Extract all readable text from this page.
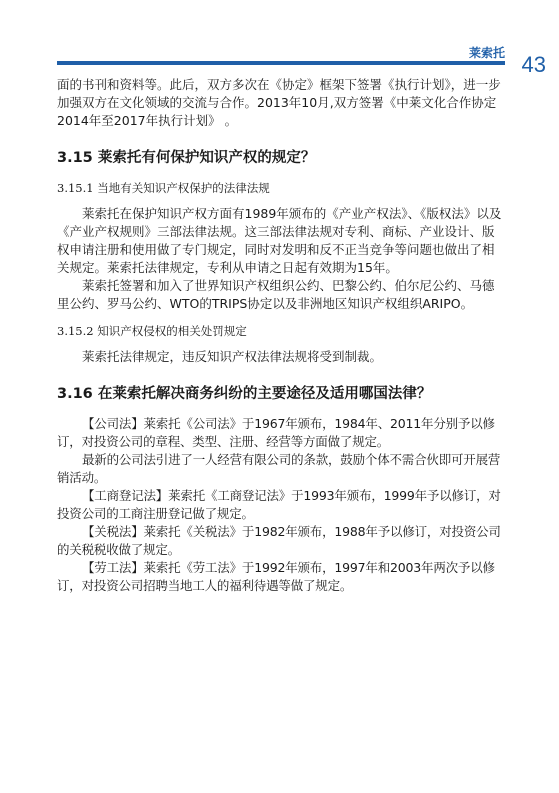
莱索托 43

面的书刊和资料等。此后，双方多次在《协定》框架下签署《执行计划》，进一步加强双方在文化领域的交流与合作。2013年10月,双方签署《中莱文化合作协定2014年至2017年执行计划》 。

3.15 莱索托有何保护知识产权的规定？
3.15.1 当地有关知识产权保护的法律法规

莱索托在保护知识产权方面有1989年颁布的《产业产权法》、《版权法》以及《产业产权规则》三部法律法规。这三部法律法规对专利、商标、产业设计、版权申请注册和使用做了专门规定，同时对发明和反不正当竞争等问题也做出了相关规定。莱索托法律规定，专利从申请之日起有效期为15年。

莱索托签署和加入了世界知识产权组织公约、巴黎公约、伯尔尼公约、马德里公约、罗马公约、WTO的TRIPS协定以及非洲地区知识产权组织ARIPO。

3.15.2 知识产权侵权的相关处罚规定

莱索托法律规定，违反知识产权法律法规将受到制裁。

3.16 在莱索托解决商务纠纷的主要途径及适用哪国法律？

【公司法】莱索托《公司法》于1967年颁布，1984年、2011年分别予以修订，对投资公司的章程、类型、注册、经营等方面做了规定。

最新的公司法引进了一人经营有限公司的条款，鼓励个体不需合伙即可开展营销活动。

【工商登记法】莱索托《工商登记法》于1993年颁布，1999年予以修订，对投资公司的工商注册登记做了规定。

【关税法】莱索托《关税法》于1982年颁布，1988年予以修订，对投资公司的关税税收做了规定。

【劳工法】莱索托《劳工法》于1992年颁布，1997年和2003年两次予以修订，对投资公司招聘当地工人的福利待遇等做了规定。
